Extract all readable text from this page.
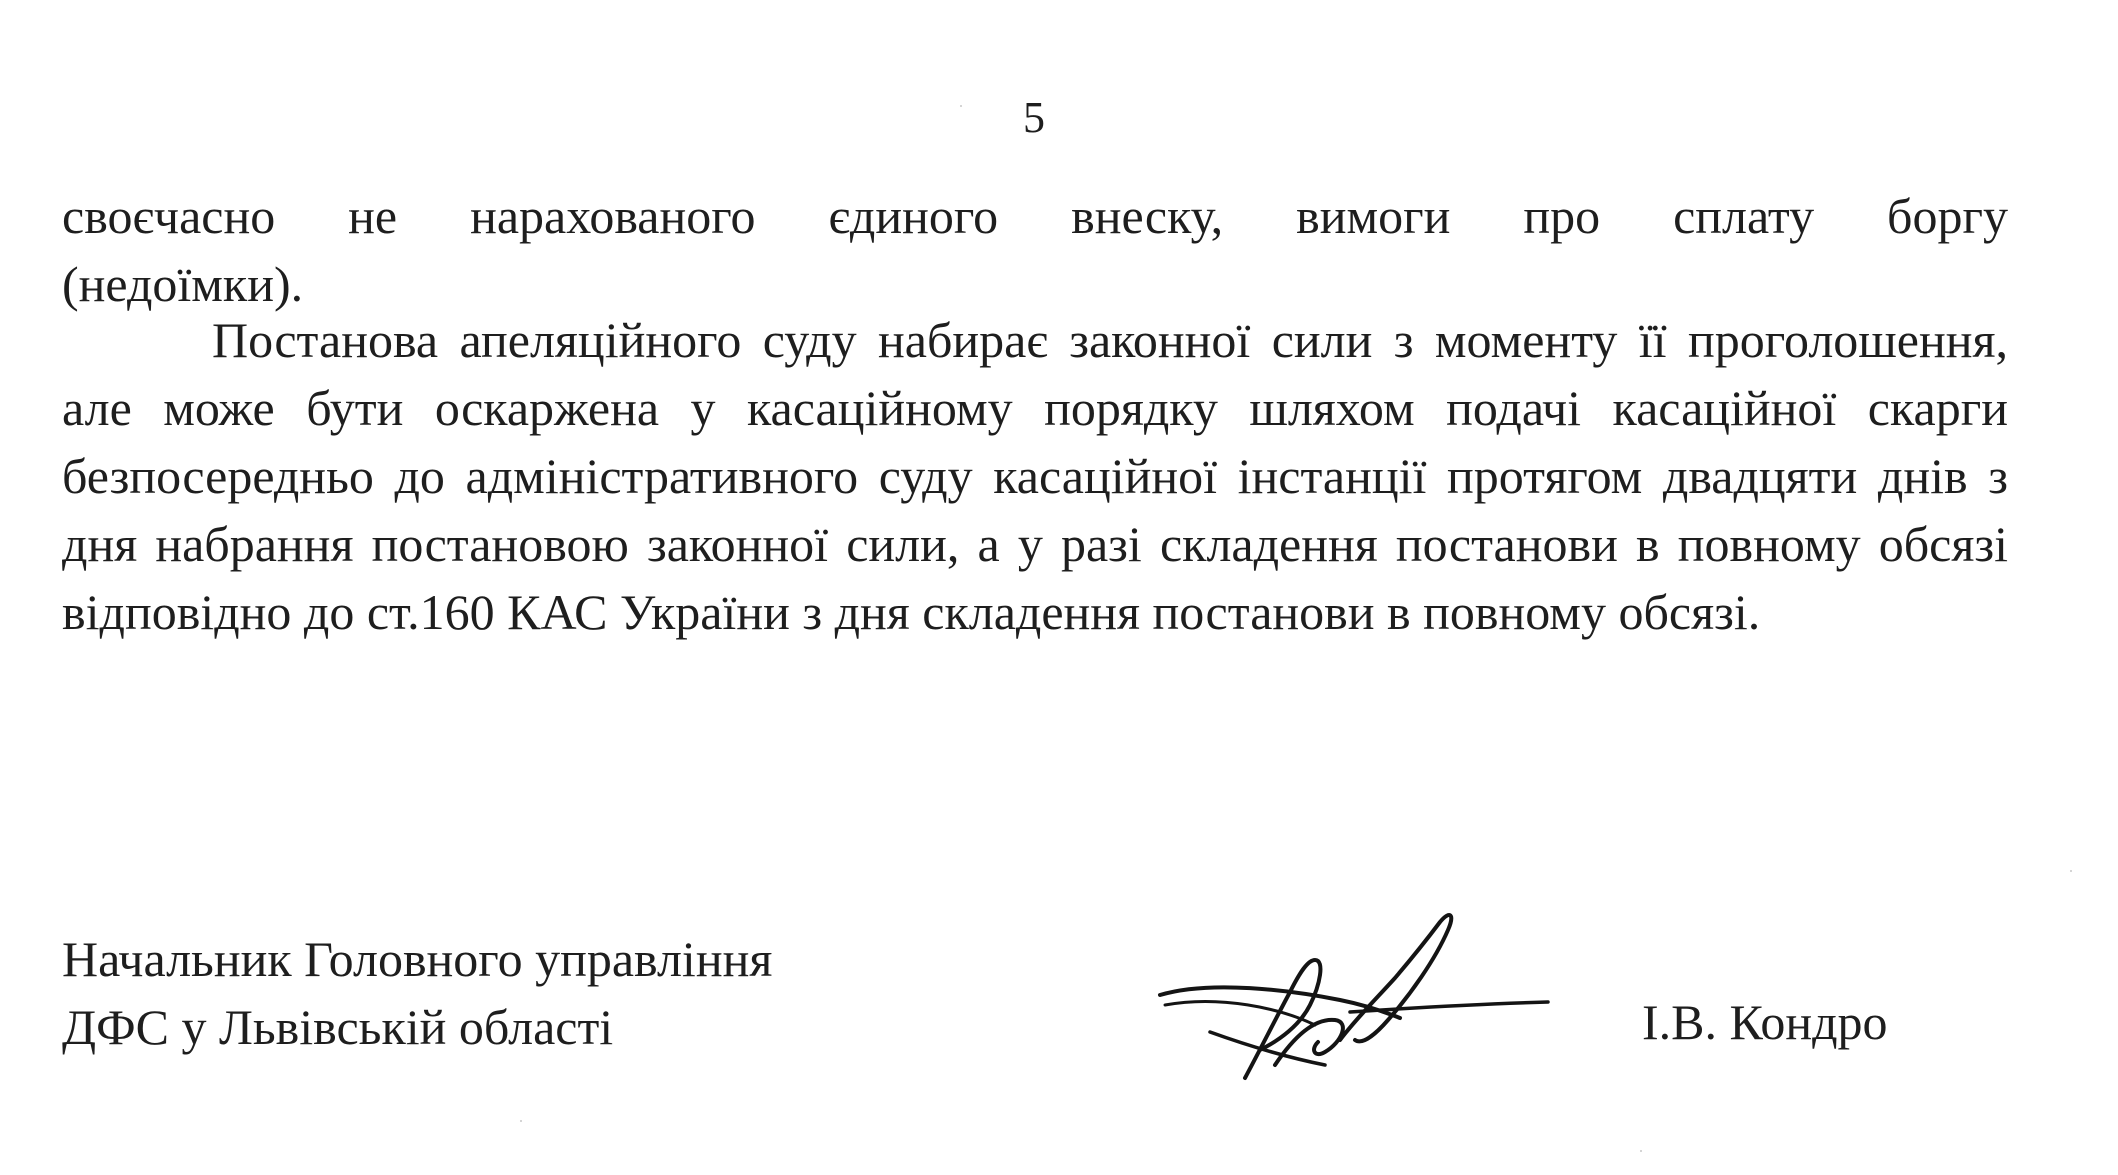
5
своєчасно не нарахованого єдиного внеску, вимоги про сплату боргу
(недоїмки).
Постанова апеляційного суду набирає законної сили з моменту її проголошення, але може бути оскаржена у касаційному порядку шляхом подачі касаційної скарги безпосередньо до адміністративного суду касаційної інстанції протягом двадцяти днів з дня набрання постановою законної сили, а у разі складення постанови в повному обсязі відповідно до ст.160 КАС України з дня складення постанови в повному обсязі.
Начальник Головного управління
ДФС у Львівській області	І.В. Кондро
